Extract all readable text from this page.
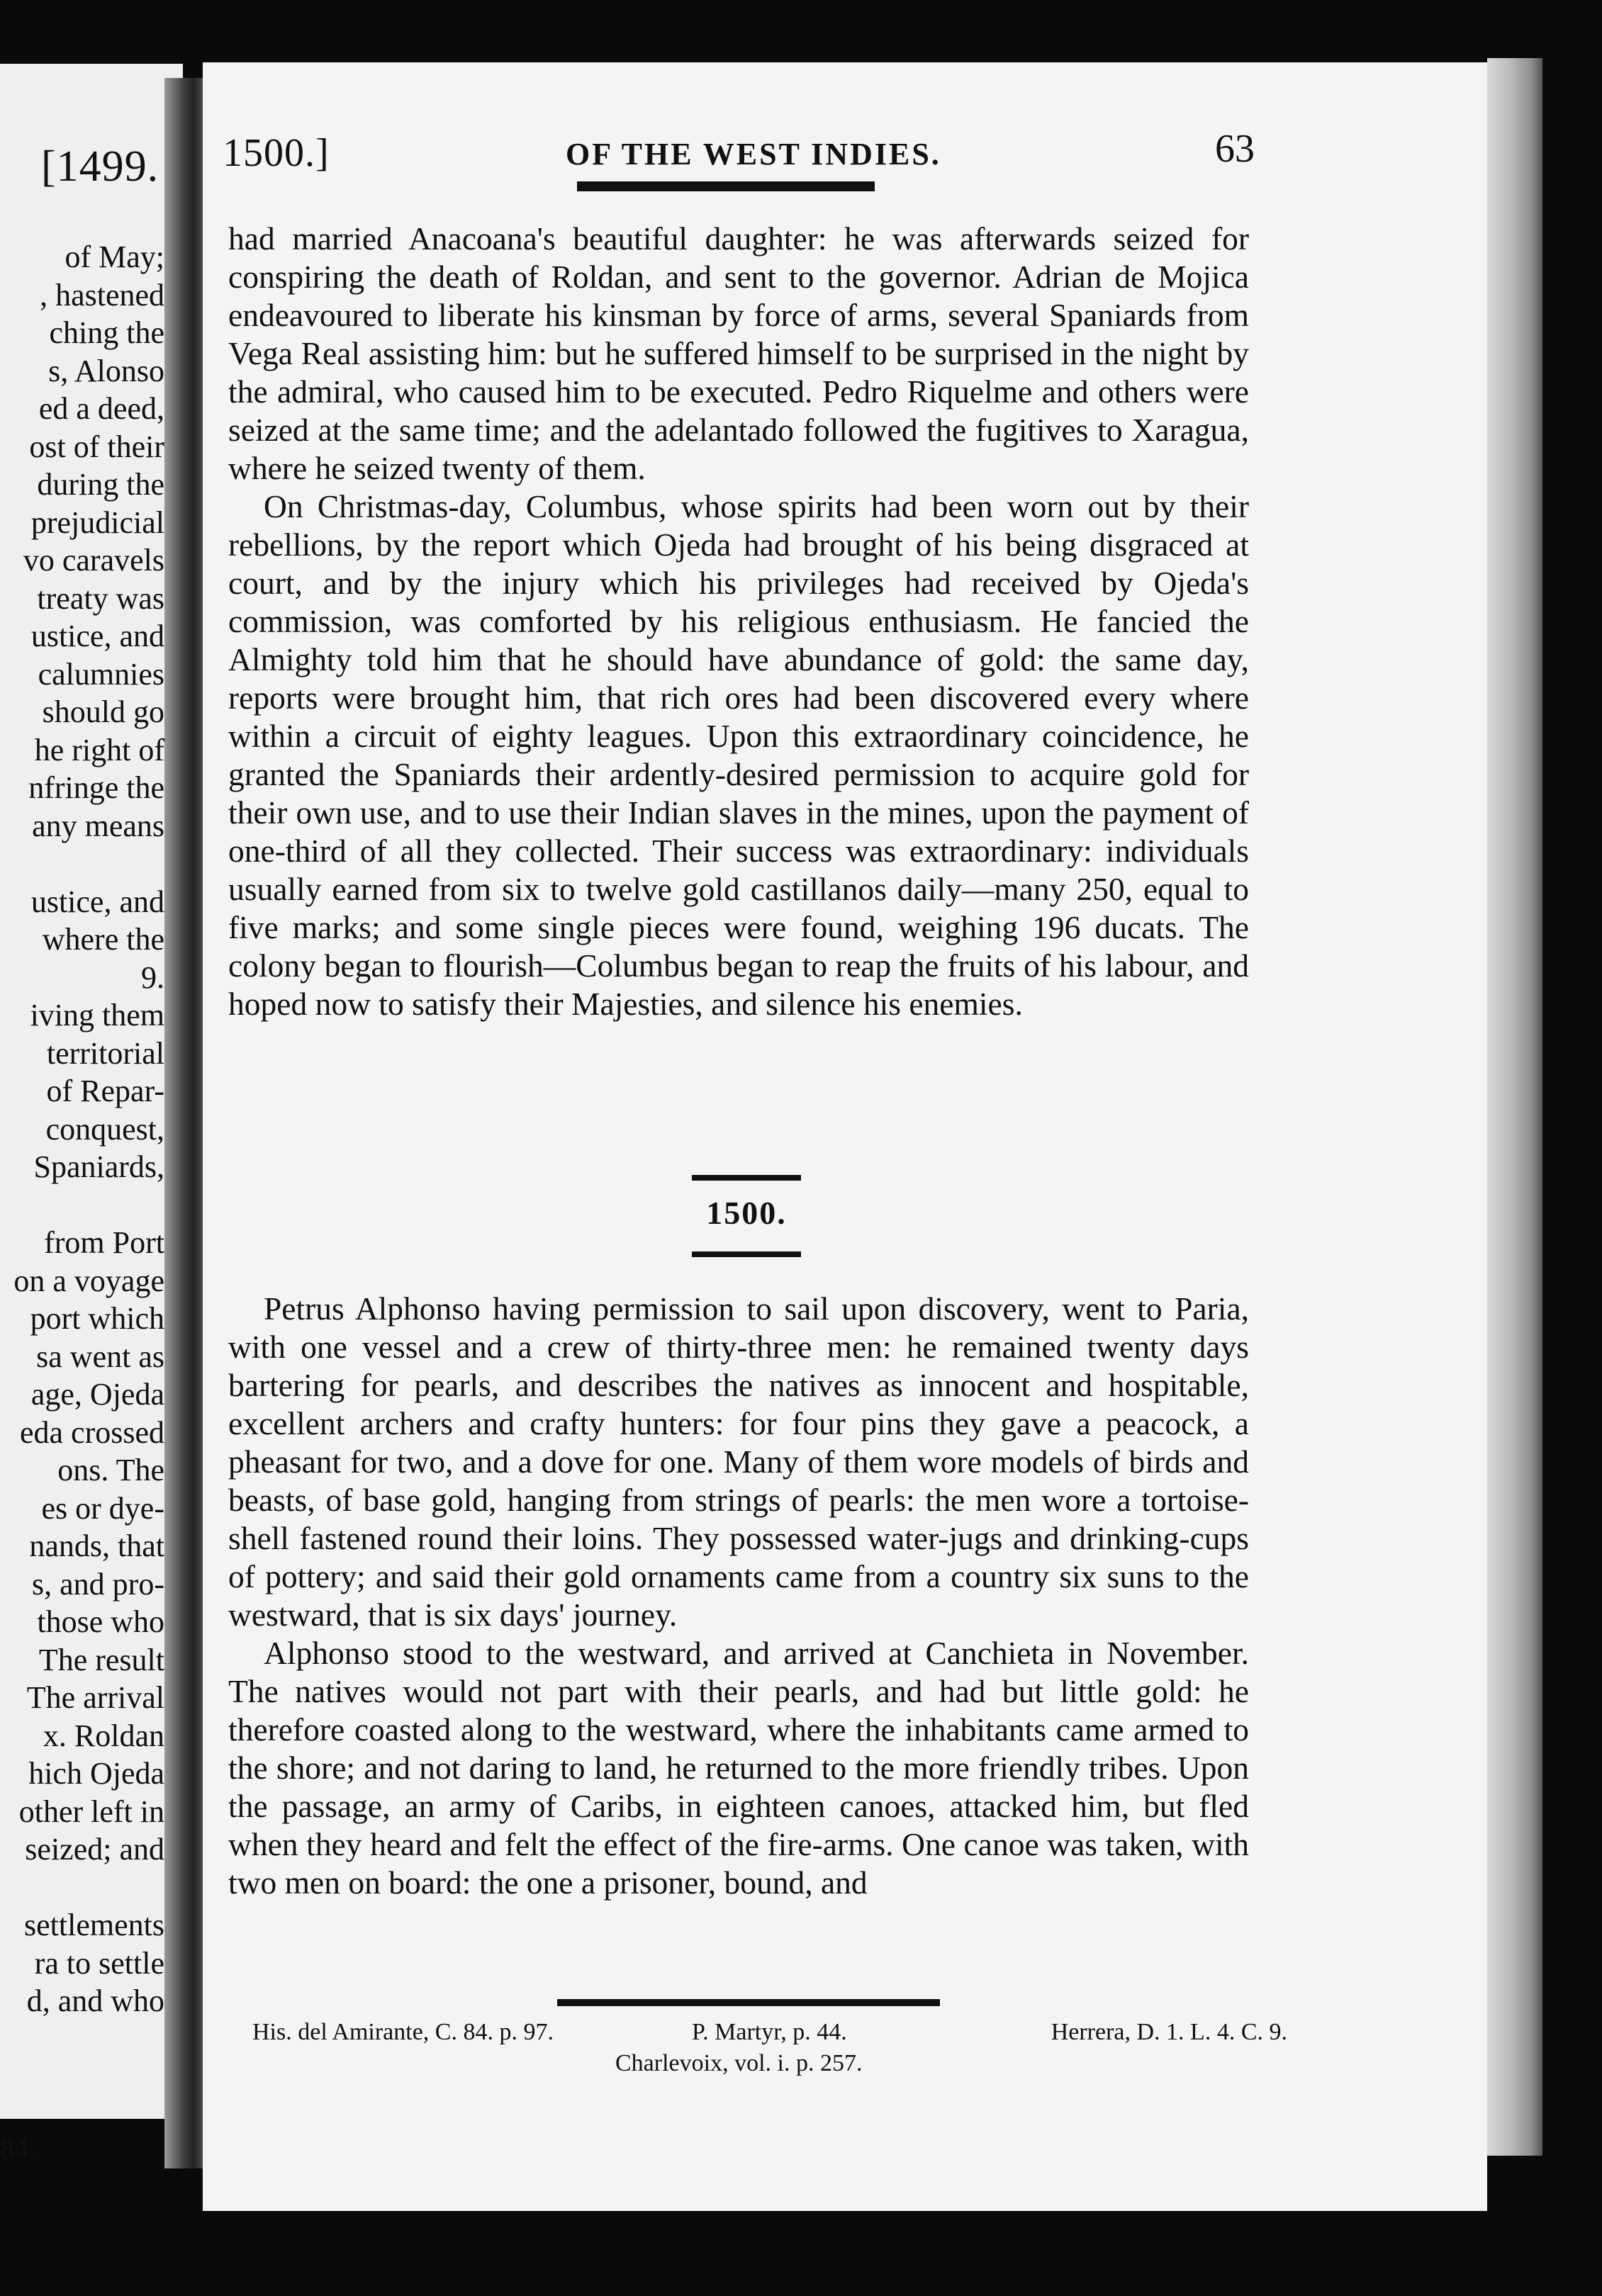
[1499.
of May;
, hastened
ching the
s, Alonso
ed a deed,
ost of their
during the
prejudicial
vo caravels
treaty was
ustice, and
calumnies
should go
he right of
nfringe the
any means
ustice, and
where the
9.
iving them
territorial
of Repar-
conquest,
Spaniards,
from Port
on a voyage
port which
sa went as
age, Ojeda
eda crossed
ons. The
es or dye-
nands, that
s, and pro-
those who
The result
The arrival
x. Roldan
hich Ojeda
other left in
seized; and
settlements
ra to settle
d, and who
84.
1500.]	OF THE WEST INDIES.	63

had married Anacoana's beautiful daughter: he was afterwards seized for conspiring the death of Roldan, and sent to the governor. Adrian de Mojica endeavoured to liberate his kinsman by force of arms, several Spaniards from Vega Real assisting him: but he suffered himself to be surprised in the night by the admiral, who caused him to be executed. Pedro Riquelme and others were seized at the same time; and the adelantado followed the fugitives to Xaragua, where he seized twenty of them.

On Christmas-day, Columbus, whose spirits had been worn out by their rebellions, by the report which Ojeda had brought of his being disgraced at court, and by the injury which his privileges had received by Ojeda's commission, was comforted by his religious enthusiasm. He fancied the Almighty told him that he should have abundance of gold: the same day, reports were brought him, that rich ores had been discovered every where within a circuit of eighty leagues. Upon this extraordinary coincidence, he granted the Spaniards their ardently-desired permission to acquire gold for their own use, and to use their Indian slaves in the mines, upon the payment of one-third of all they collected. Their success was extraordinary: individuals usually earned from six to twelve gold castillanos daily—many 250, equal to five marks; and some single pieces were found, weighing 196 ducats. The colony began to flourish—Columbus began to reap the fruits of his labour, and hoped now to satisfy their Majesties, and silence his enemies.

1500.

Petrus Alphonso having permission to sail upon discovery, went to Paria, with one vessel and a crew of thirty-three men: he remained twenty days bartering for pearls, and describes the natives as innocent and hospitable, excellent archers and crafty hunters: for four pins they gave a peacock, a pheasant for two, and a dove for one. Many of them wore models of birds and beasts, of base gold, hanging from strings of pearls: the men wore a tortoise-shell fastened round their loins. They possessed water-jugs and drinking-cups of pottery; and said their gold ornaments came from a country six suns to the westward, that is six days' journey.

Alphonso stood to the westward, and arrived at Canchieta in November. The natives would not part with their pearls, and had but little gold: he therefore coasted along to the westward, where the inhabitants came armed to the shore; and not daring to land, he returned to the more friendly tribes. Upon the passage, an army of Caribs, in eighteen canoes, attacked him, but fled when they heard and felt the effect of the fire-arms. One canoe was taken, with two men on board: the one a prisoner, bound, and

His. del Amirante, C. 84. p. 97.	P. Martyr, p. 44.	Herrera, D. 1. L. 4. C. 9.
Charlevoix, vol. i. p. 257.
